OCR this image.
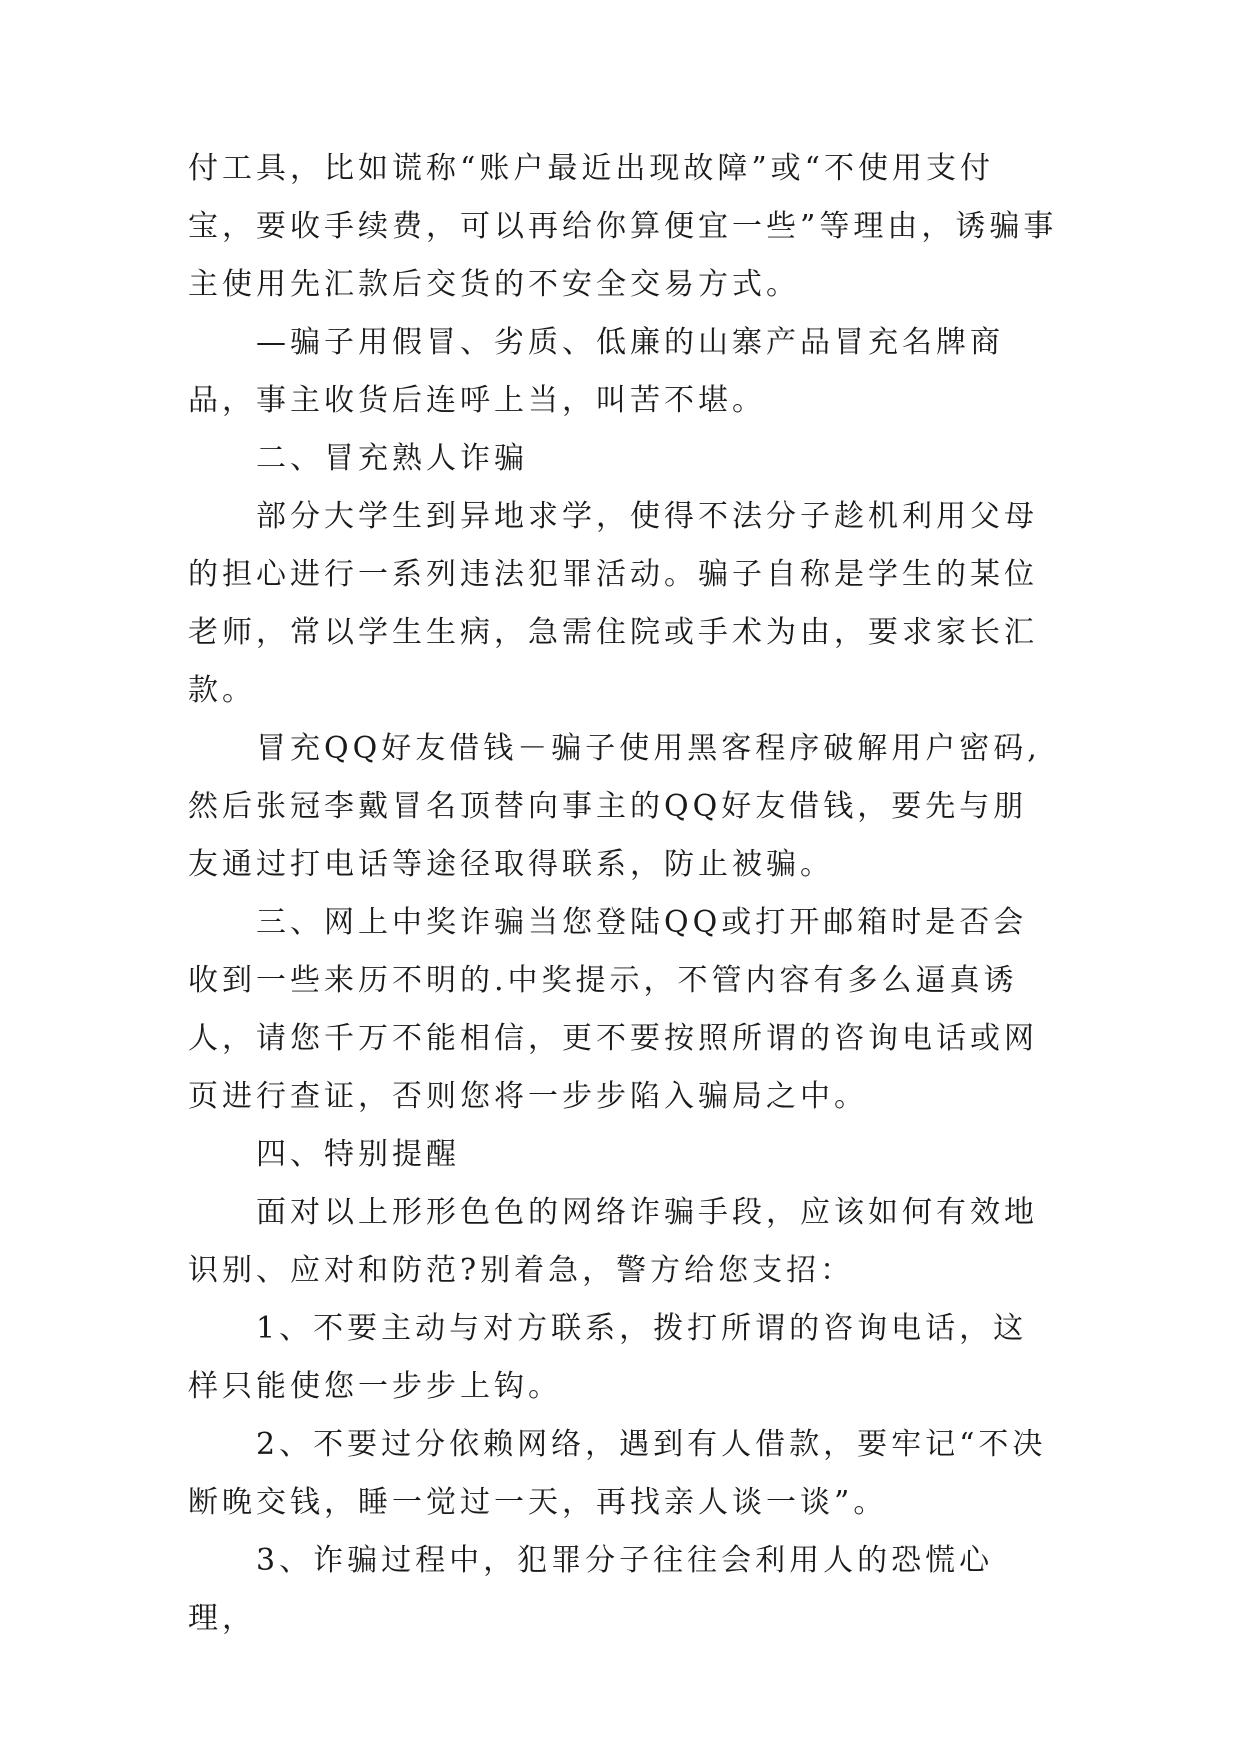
付工具，比如谎称“账户最近出现故障”或“不使用支付宝，要收手续费，可以再给你算便宜一些”等理由，诱骗事主使用先汇款后交货的不安全交易方式。

—骗子用假冒、劣质、低廉的山寨产品冒充名牌商品，事主收货后连呼上当，叫苦不堪。

二、冒充熟人诈骗

部分大学生到异地求学，使得不法分子趁机利用父母的担心进行一系列违法犯罪活动。骗子自称是学生的某位老师，常以学生生病，急需住院或手术为由，要求家长汇款。

冒充QQ好友借钱－骗子使用黑客程序破解用户密码,然后张冠李戴冒名顶替向事主的QQ好友借钱，要先与朋友通过打电话等途径取得联系，防止被骗。

三、网上中奖诈骗当您登陆QQ或打开邮箱时是否会收到一些来历不明的.中奖提示，不管内容有多么逼真诱人，请您千万不能相信，更不要按照所谓的咨询电话或网页进行查证，否则您将一步步陷入骗局之中。

四、特别提醒

面对以上形形色色的网络诈骗手段，应该如何有效地识别、应对和防范?别着急，警方给您支招：

1、不要主动与对方联系，拨打所谓的咨询电话，这样只能使您一步步上钩。

2、不要过分依赖网络，遇到有人借款，要牢记“不决断晚交钱，睡一觉过一天，再找亲人谈一谈”。

3、诈骗过程中，犯罪分子往往会利用人的恐慌心理，
